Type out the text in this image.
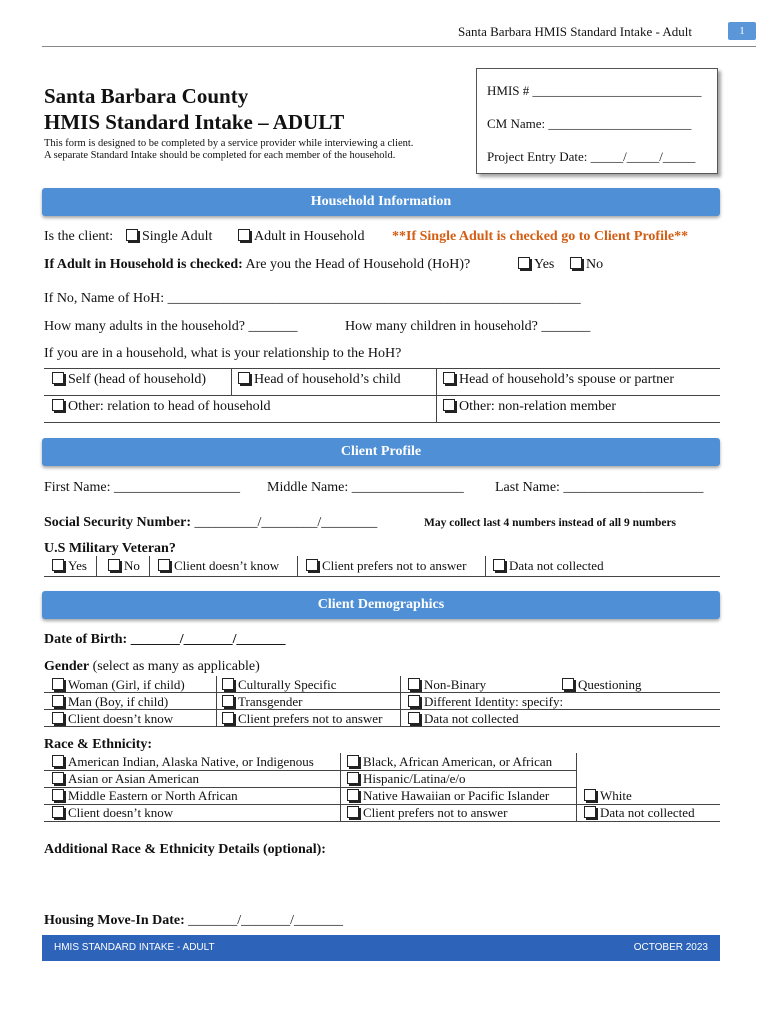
Santa Barbara HMIS Standard Intake - Adult	1
Santa Barbara County
HMIS Standard Intake – ADULT
This form is designed to be completed by a service provider while interviewing a client.
A separate Standard Intake should be completed for each member of the household.
HMIS # __________________________
CM Name: ______________________
Project Entry Date: _____/_____/_____
Household Information
Is the client:	Single Adult	Adult in Household **If Single Adult is checked go to Client Profile**
If Adult in Household is checked: Are you the Head of Household (HoH)?	Yes	No
If No, Name of HoH: ___________________________________________________________
How many adults in the household? _______	How many children in household? _______
If you are in a household, what is your relationship to the HoH?
Self (head of household)	Head of household’s child	Head of household’s spouse or partner
Other: relation to head of household	Other: non-relation member
Client Profile
First Name: __________________ Middle Name: ________________ Last Name: ____________________
Social Security Number: _________/________/________	May collect last 4 numbers instead of all 9 numbers
U.S Military Veteran?
Yes	No	Client doesn’t know	Client prefers not to answer	Data not collected
Client Demographics
Date of Birth: _______/_______/_______
Gender (select as many as applicable)
Woman (Girl, if child)	Culturally Specific	Non-Binary	Questioning
Man (Boy, if child)	Transgender	Different Identity: specify:
Client doesn’t know	Client prefers not to answer	Data not collected
Race & Ethnicity:
American Indian, Alaska Native, or Indigenous	Black, African American, or African
Asian or Asian American	Hispanic/Latina/e/o
Middle Eastern or North African	Native Hawaiian or Pacific Islander	White
Client doesn’t know	Client prefers not to answer	Data not collected
Additional Race & Ethnicity Details (optional):
Housing Move-In Date: _______/_______/_______
HMIS STANDARD INTAKE - ADULT	OCTOBER 2023
